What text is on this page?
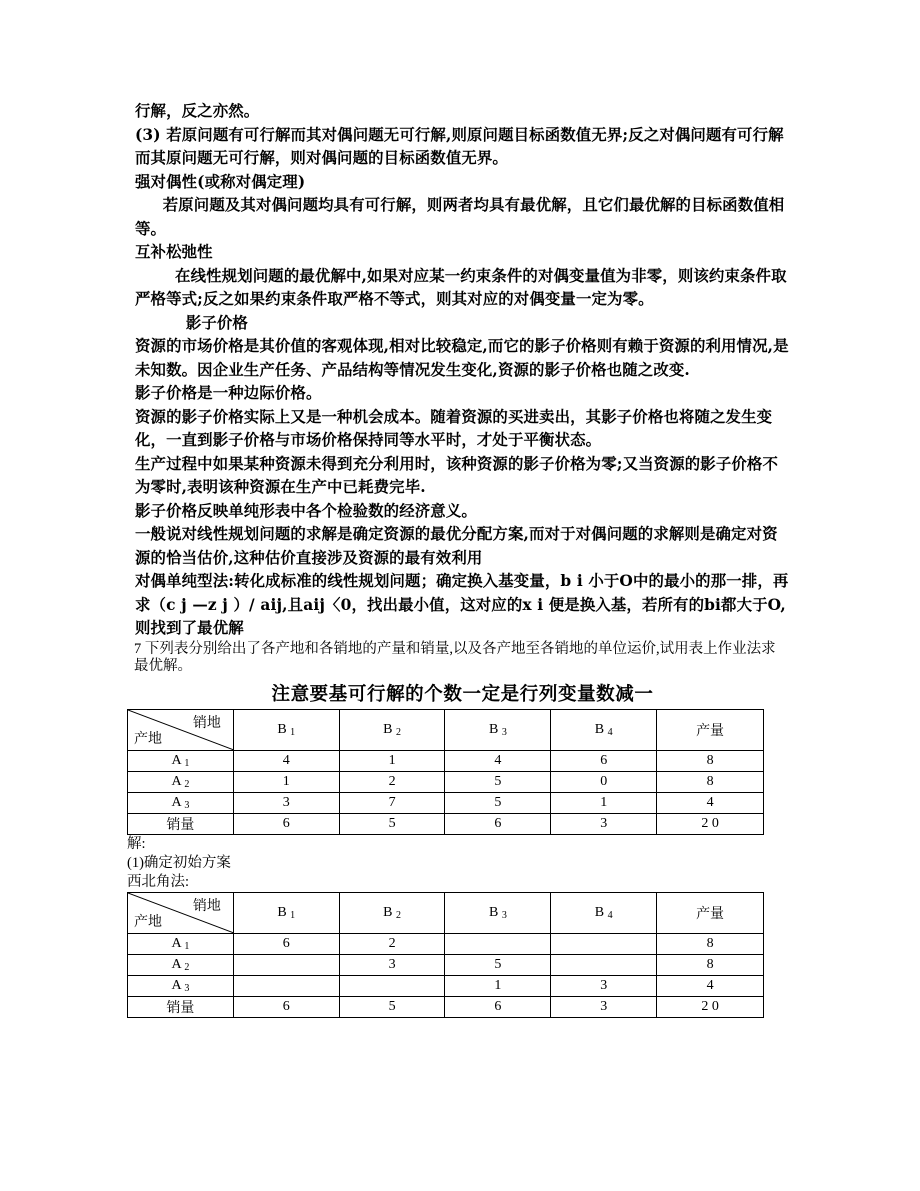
行解，反之亦然。

(3) 若原问题有可行解而其对偶问题无可行解,则原问题目标函数值无界;反之对偶问题有可行解而其原问题无可行解，则对偶问题的目标函数值无界。

强对偶性(或称对偶定理)

若原问题及其对偶问题均具有可行解，则两者均具有最优解，且它们最优解的目标函数值相等。

互补松弛性

在线性规划问题的最优解中,如果对应某一约束条件的对偶变量值为非零，则该约束条件取严格等式;反之如果约束条件取严格不等式，则其对应的对偶变量一定为零。

影子价格

资源的市场价格是其价值的客观体现,相对比较稳定,而它的影子价格则有赖于资源的利用情况,是未知数。因企业生产任务、产品结构等情况发生变化,资源的影子价格也随之改变.

影子价格是一种边际价格。

资源的影子价格实际上又是一种机会成本。随着资源的买进卖出，其影子价格也将随之发生变化，一直到影子价格与市场价格保持同等水平时，才处于平衡状态。

生产过程中如果某种资源未得到充分利用时，该种资源的影子价格为零;又当资源的影子价格不为零时,表明该种资源在生产中已耗费完毕.

影子价格反映单纯形表中各个检验数的经济意义。

一般说对线性规划问题的求解是确定资源的最优分配方案,而对于对偶问题的求解则是确定对资源的恰当估价,这种估价直接涉及资源的最有效利用

对偶单纯型法:转化成标准的线性规划问题；确定换入基变量，b i 小于O中的最小的那一排，再求（c j —z j ）/ aij,且aij〈0，找出最小值，这对应的x i 便是换入基，若所有的bi都大于O,则找到了最优解

7 下列表分别给出了各产地和各销地的产量和销量,以及各产地至各销地的单位运价,试用表上作业法求最优解。

注意要基可行解的个数一定是行列变量数减一
销地
产地	B $_1$	B $_2$	B $_3$	B $_4$	产量
A $_1$	4	1	4	6	8
A $_2$	1	2	5	0	8
A $_3$	3	7	5	1	4
销量	6	5	6	3	2 0

解:

(1)确定初始方案

西北角法:

销地
产地	B $_1$	B $_2$	B $_3$	B $_4$	产量
A $_1$	6	2			8
A $_2$		3	5		8
A $_3$			1	3	4
销量	6	5	6	3	2 0
